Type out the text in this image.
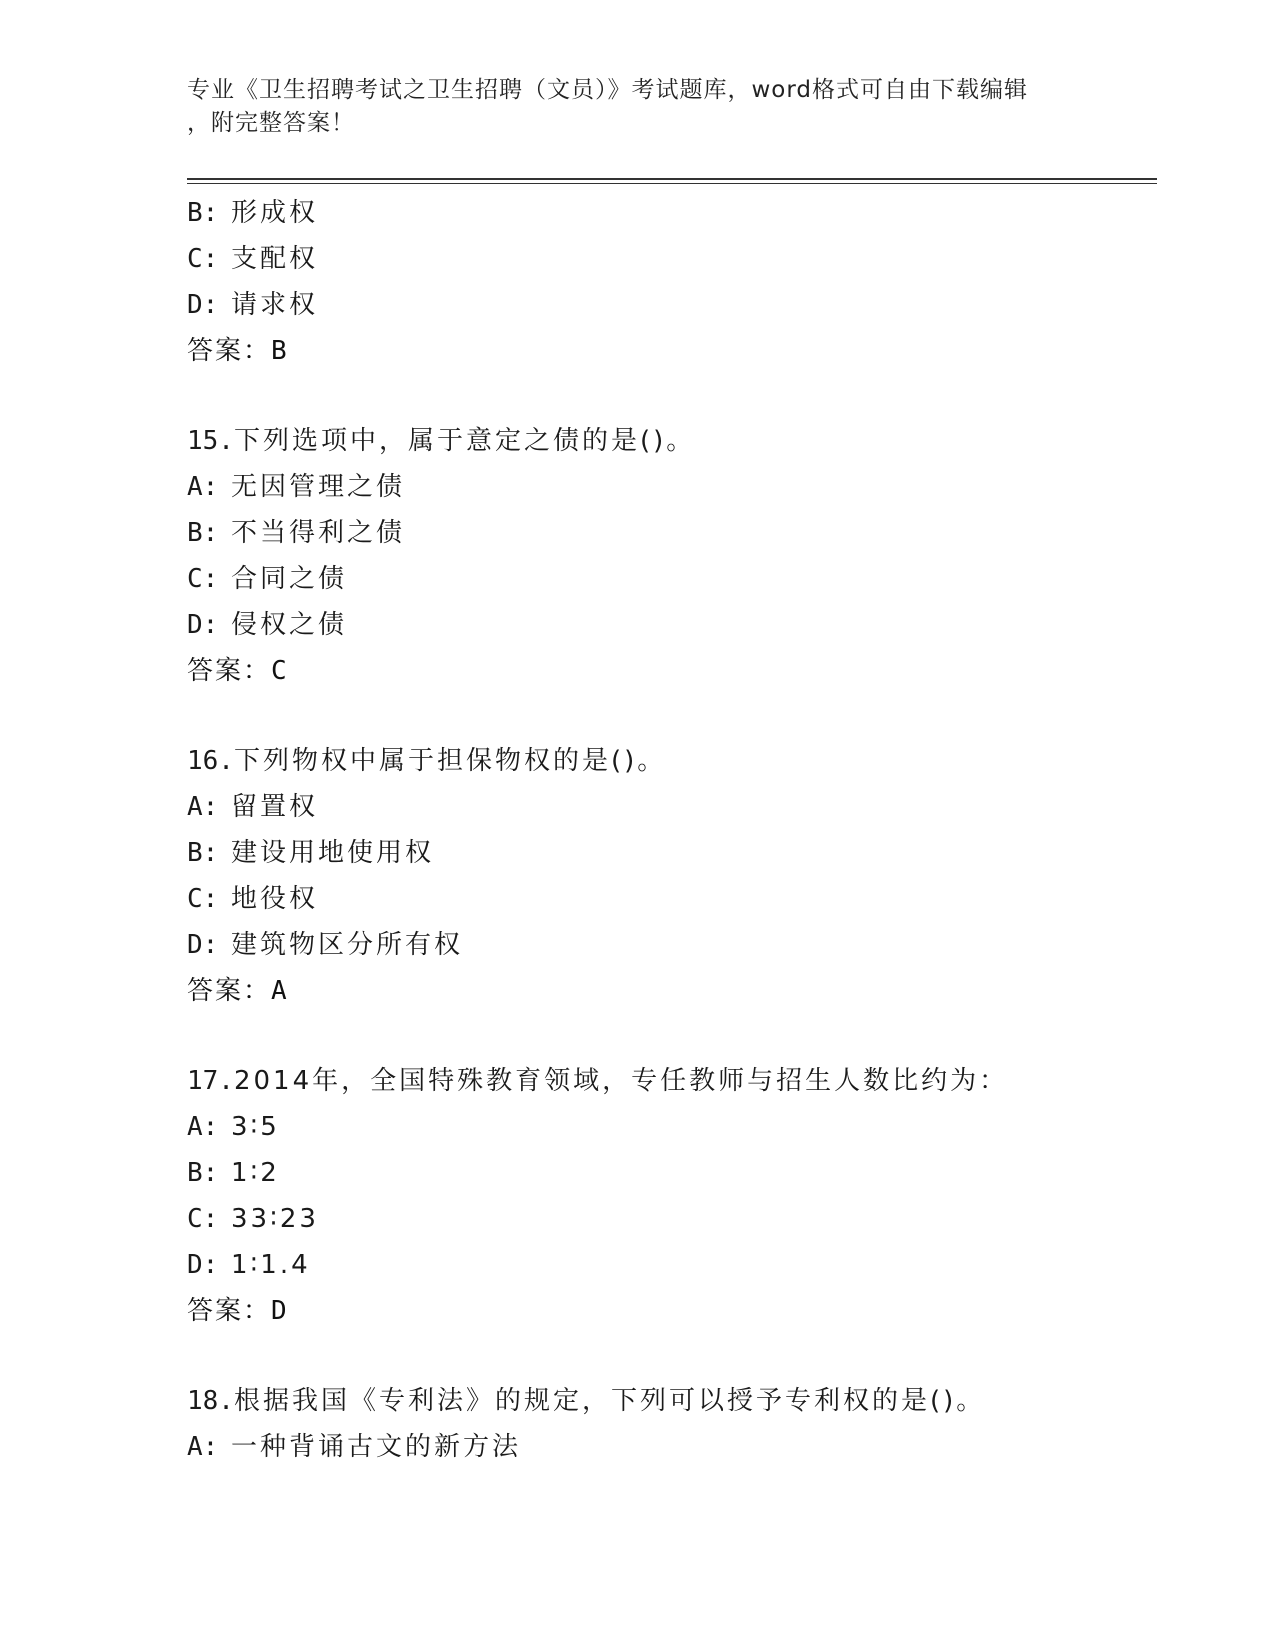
专业《卫生招聘考试之卫生招聘（文员）》考试题库，word格式可自由下载编辑
，附完整答案！
B: 形成权
C: 支配权
D: 请求权
答案：B
15.下列选项中，属于意定之债的是()。
A: 无因管理之债
B: 不当得利之债
C: 合同之债
D: 侵权之债
答案：C
16.下列物权中属于担保物权的是()。
A: 留置权
B: 建设用地使用权
C: 地役权
D: 建筑物区分所有权
答案：A
17.2014年，全国特殊教育领域，专任教师与招生人数比约为：
A: 3∶5
B: 1∶2
C: 33∶23
D: 1∶1.4
答案：D
18.根据我国《专利法》的规定，下列可以授予专利权的是()。
A: 一种背诵古文的新方法
